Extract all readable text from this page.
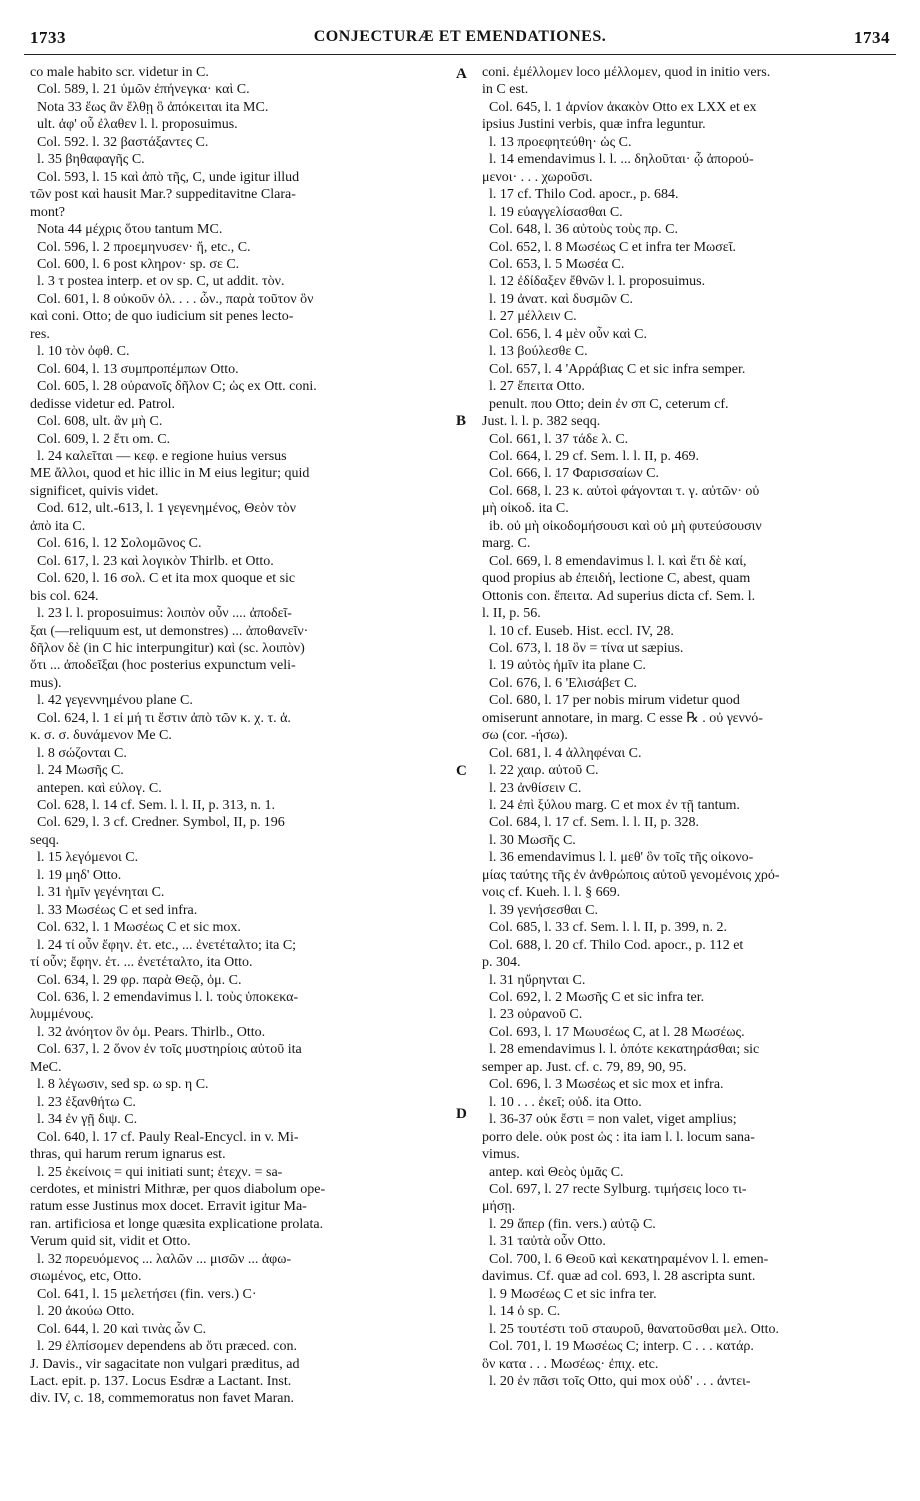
1733	CONJECTURÆ ET EMENDATIONES.	1734
co male habito scr. videtur in C.
Col. 589, l. 21 ὑμῶν ἐπήνεγκα· καὶ C.
Nota 33 ἕως ἂν ἔλθῃ ὃ ἀπόκειται ita MC.
ult. ἀφ' οὗ ἐλαθεν l. l. proposuimus.
Col. 592. l. 32 βαστάξαντες C.
l. 35 βηθαφαγῆς C.
Col. 593, l. 15 καὶ ἀπὸ τῆς, C, unde igitur illud
τῶν post καὶ hausit Mar.? suppeditavitne Clara-
mont?
Nota 44 μέχρις ὅτου tantum MC.
Col. 596, l. 2 προεμηνυσεν· ἤ, etc., C.
Col. 600, l. 6 post κληρον· sp. σε C.
l. 3 τ postea interp. et ον sp. C, ut addit. τὸν.
Col. 601, l. 8 οὐκοῦν ὀλ. . . . ὧν., παρὰ τοῦτον ὃν
καὶ coni. Otto; de quo iudicium sit penes lecto-
res.
l. 10 τὸν ὀφθ. C.
Col. 604, l. 13 συμπροπέμπων Otto.
Col. 605, l. 28 οὐρανοῖς δῆλον C; ὡς ex Ott. coni.
dedisse videtur ed. Patrol.
Col. 608, ult. ἂν μὴ C.
Col. 609, l. 2 ἔτι om. C.
l. 24 καλεῖται — κεφ. e regione huius versus
ME ἄλλοι, quod et hic illic in M eius legitur; quid
significet, quivis videt.
Cod. 612, ult.-613, l. 1 γεγενημένος, Θεὸν τὸν
ἀπὸ ita C.
Col. 616, l. 12 Σολομῶνος C.
Col. 617, l. 23 καὶ λογικὸν Thirlb. et Otto.
Col. 620, l. 16 σολ. C et ita mox quoque et sic
bis col. 624.
l. 23 l. l. proposuimus: λοιπὸν οὖν .... ἀποδεῖ-
ξαι (—reliquum est, ut demonstres) ... ἀποθανεῖν·
δῆλον δὲ (in C hic interpungitur) καὶ (sc. λοιπὸν)
ὅτι ... ἀποδεῖξαι (hoc posterius expunctum veli-
mus).
l. 42 γεγεννημένου plane C.
Col. 624, l. 1 εἰ μή τι ἔστιν ἀπὸ τῶν κ. χ. τ. ἁ.
κ. σ. σ. δυνάμενον Me C.
l. 8 σώζονται C.
l. 24 Μωσῆς C.
antepen. καὶ εὐλογ. C.
Col. 628, l. 14 cf. Sem. l. l. II, p. 313, n. 1.
Col. 629, l. 3 cf. Credner. Symbol, II, p. 196
seqq.
l. 15 λεγόμενοι C.
l. 19 μηδ' Otto.
l. 31 ἡμῖν γεγένηται C.
l. 33 Μωσέως C et sed infra.
Col. 632, l. 1 Μωσέως C et sic mox.
l. 24 τί οὖν ἔφην. ἐτ. etc., ... ἐνετέταλτο; ita C;
τί οὖν; ἔφην. ἐτ. ... ἐνετέταλτο, ita Otto.
Col. 634, l. 29 φρ. παρὰ Θεῷ, ὁμ. C.
Col. 636, l. 2 emendavimus l. l. τοὺς ὑποκεκα-
λυμμένους.
l. 32 ἀνόητον ὃν ὁμ. Pears. Thirlb., Otto.
Col. 637, l. 2 ὅνον ἐν τοῖς μυστηρίοις αὐτοῦ ita
MeC.
l. 8 λέγωσιν, sed sp. ω sp. η C.
l. 23 ἐξανθήτω C.
l. 34 ἐν γῇ διψ. C.
Col. 640, l. 17 cf. Pauly Real-Encycl. in v. Mi-
thras, qui harum rerum ignarus est.
l. 25 ἐκείνοις = qui initiati sunt; ἐτεχν. = sa-
cerdotes, et ministri Mithræ, per quos diabolum ope-
ratum esse Justinus mox docet. Erravit igitur Ma-
ran. artificiosa et longe quæsita explicatione prolata.
Verum quid sit, vidit et Otto.
l. 32 πορευόμενος ... λαλῶν ... μισῶν ... ἀφω-
σιωμένος, etc, Otto.
Col. 641, l. 15 μελετήσει (fin. vers.) C·
l. 20 ἀκούω Otto.
Col. 644, l. 20 καὶ τινὰς ὧν C.
l. 29 ἐλπίσομεν dependens ab ὅτι præced. con.
J. Davis., vir sagacitate non vulgari præditus, ad
Lact. epit. p. 137. Locus Esdræ a Lactant. Inst.
div. IV, c. 18, commemoratus non favet Maran.
coni. ἐμέλλομεν loco μέλλομεν, quod in initio vers.
in C est.
Col. 645, l. 1 ἀρνίον ἀκακὸν Otto ex LXX et ex
ipsius Justini verbis, quæ infra leguntur.
l. 13 προεφητεύθη· ὡς C.
l. 14 emendavimus l. l. ... δηλοῦται· ᾧ ἀπορού-
μενοι· . . . χωροῦσι.
l. 17 cf. Thilo Cod. apocr., p. 684.
l. 19 εὐαγγελίσασθαι C.
Col. 648, l. 36 αὐτοὺς τοὺς πρ. C.
Col. 652, l. 8 Μωσέως C et infra ter Μωσεῖ.
Col. 653, l. 5 Μωσέα C.
l. 12 ἐδίδαξεν ἔθνῶν l. l. proposuimus.
l. 19 ἀνατ. καὶ δυσμῶν C.
l. 27 μέλλειν C.
Col. 656, l. 4 μὲν οὖν καὶ C.
l. 13 βούλεσθε C.
Col. 657, l. 4 'Αρράβιας C et sic infra semper.
l. 27 ἔπειτα Otto.
penult. που Otto; dein ἐν σπ C, ceterum cf.
Just. l. l. p. 382 seqq.
Col. 661, l. 37 τάδε λ. C.
Col. 664, l. 29 cf. Sem. l. l. II, p. 469.
Col. 666, l. 17 Φαρισσαίων C.
Col. 668, l. 23 κ. αὐτοὶ φάγονται τ. γ. αὐτῶν· οὐ
μὴ οἰκοδ. ita C.
ib. οὐ μὴ οἰκοδομήσουσι καὶ οὐ μὴ φυτεύσουσιν
marg. C.
Col. 669, l. 8 emendavimus l. l. καὶ ἔτι δὲ καί,
quod propius ab ἐπειδή, lectione C, abest, quam
Ottonis con. ἔπειτα. Ad superius dicta cf. Sem. l.
l. II, p. 56.
l. 10 cf. Euseb. Hist. eccl. IV, 28.
Col. 673, l. 18 ὃν = τίνα ut sæpius.
l. 19 αὐτὸς ἡμῖν ita plane C.
Col. 676, l. 6 'Ελισάβετ C.
Col. 680, l. 17 per nobis mirum videtur quod
omiserunt annotare, in marg. C esse ℞ . οὐ γεννό-
σω (cor. -ήσω).
Col. 681, l. 4 ἀλληφέναι C.
l. 22 χαιρ. αὐτοῦ C.
l. 23 ἀνθίσειν C.
l. 24 ἐπὶ ξύλου marg. C et mox ἐν τῇ tantum.
Col. 684, l. 17 cf. Sem. l. l. II, p. 328.
l. 30 Μωσῆς C.
l. 36 emendavimus l. l. μεθ' ὃν τοῖς τῆς οἰκονο-
μίας ταύτης τῆς ἐν ἀνθρώποις αὐτοῦ γενομένοις χρό-
νοις cf. Kueh. l. l. § 669.
l. 39 γενήσεσθαι C.
Col. 685, l. 33 cf. Sem. l. l. II, p. 399, n. 2.
Col. 688, l. 20 cf. Thilo Cod. apocr., p. 112 et
p. 304.
l. 31 ηὔρηνται C.
Col. 692, l. 2 Μωσῆς C et sic infra ter.
l. 23 οὐρανοῦ C.
Col. 693, l. 17 Μωυσέως C, at l. 28 Μωσέως.
l. 28 emendavimus l. l. ὁπότε κεκατηράσθαι; sic
semper ap. Just. cf. c. 79, 89, 90, 95.
Col. 696, l. 3 Μωσέως et sic mox et infra.
l. 10 . . . ἐκεῖ; οὐδ. ita Otto.
l. 36-37 οὐκ ἔστι = non valet, viget amplius;
porro dele. οὐκ post ὡς : ita iam l. l. locum sana-
vimus.
antep. καὶ Θεὸς ὑμᾶς C.
Col. 697, l. 27 recte Sylburg. τιμήσεις loco τι-
μήσῃ.
l. 29 ἅπερ (fin. vers.) αὐτῷ C.
l. 31 ταὐτὰ οὖν Otto.
Col. 700, l. 6 Θεοῦ καὶ κεκατηραμένον l. l. emen-
davimus. Cf. quæ ad col. 693, l. 28 ascripta sunt.
l. 9 Μωσέως C et sic infra ter.
l. 14 ὁ sp. C.
l. 25 τουτέστι τοῦ σταυροῦ, θανατοῦσθαι μελ. Otto.
Col. 701, l. 19 Μωσέως C; interp. C . . . κατάρ.
ὃν κατα . . . Μωσέως· ἐπιχ. etc.
l. 20 ἐν πᾶσι τοῖς Otto, qui mox οὐδ' . . . ἀντει-
A
B
C
D
